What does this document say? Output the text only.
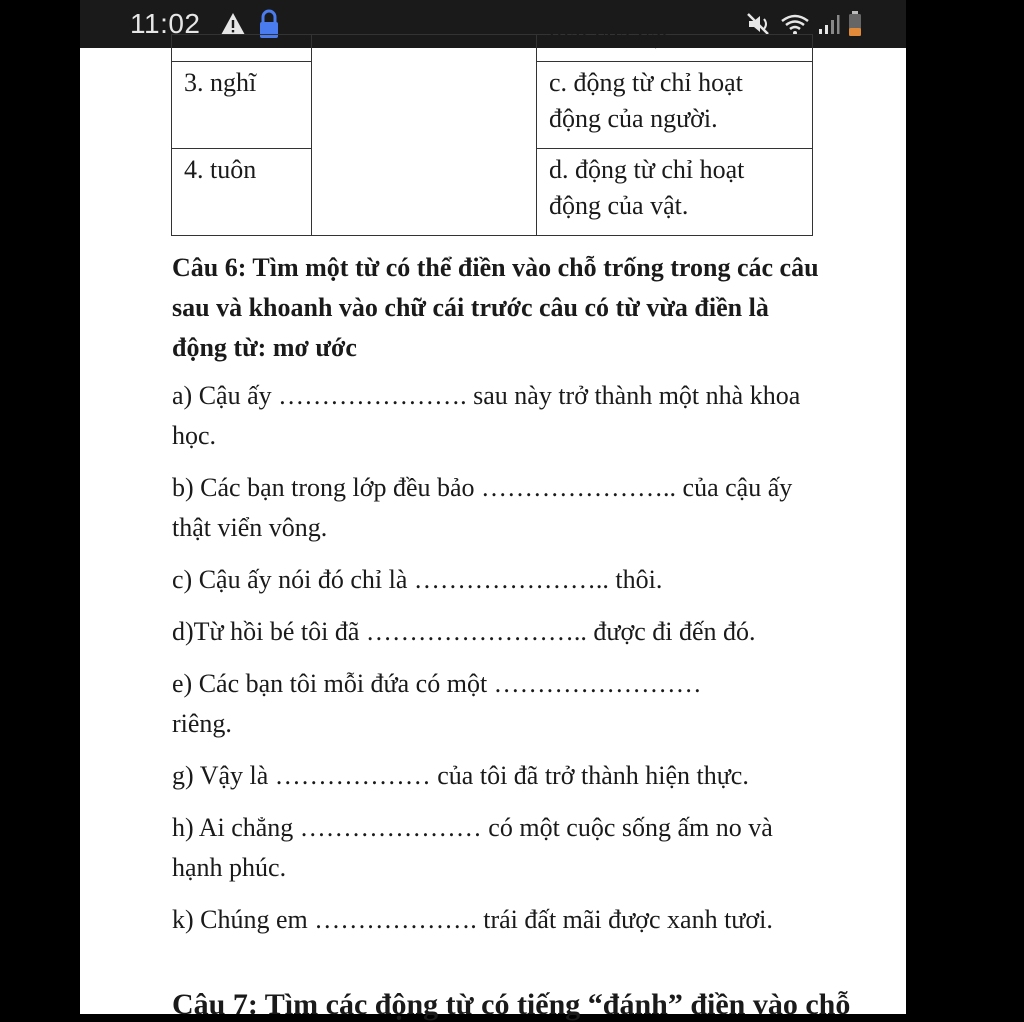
11:02

		thái của vật.

3. nghĩ		c. động từ chỉ hoạt động của người.
4. tuôn		d. động từ chỉ hoạt động của vật.

Câu 6: Tìm một từ có thể điền vào chỗ trống trong các câu sau và khoanh vào chữ cái trước câu có từ vừa điền là động từ: mơ ước

a) Cậu ấy …………………. sau này trở thành một nhà khoa học.

b) Các bạn trong lớp đều bảo ………………….. của cậu ấy thật viển vông.

c) Cậu ấy nói đó chỉ là ………………….. thôi.

d)Từ hồi bé tôi đã …………………….. được đi đến đó.

e) Các bạn tôi mỗi đứa có một ……………………

riêng.

g) Vậy là ……………… của tôi đã trở thành hiện thực.

h) Ai chẳng ………………… có một cuộc sống ấm no và hạnh phúc.

k) Chúng em ………………. trái đất mãi được xanh tươi.

Câu 7: Tìm các động từ có tiếng “đánh” điền vào chỗ
